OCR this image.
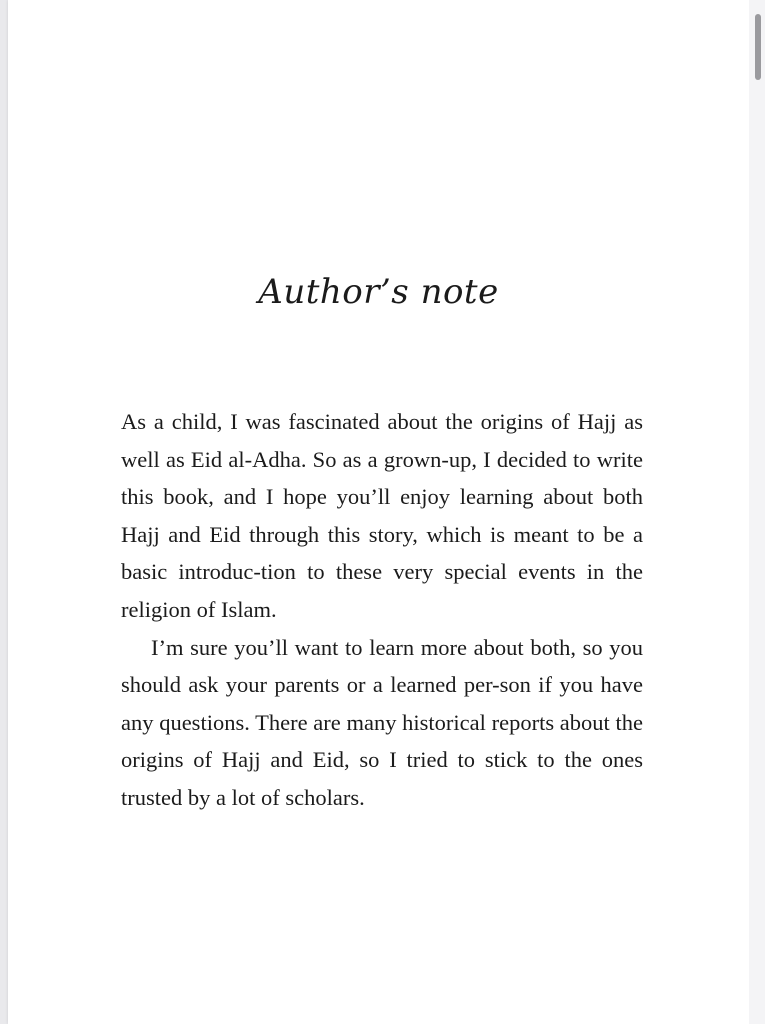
Author’s note

As a child, I was fascinated about the origins of Hajj as well as Eid al-Adha. So as a grown-up, I decided to write this book, and I hope you’ll enjoy learning about both Hajj and Eid through this story, which is meant to be a basic introduc-tion to these very special events in the religion of Islam.

I’m sure you’ll want to learn more about both, so you should ask your parents or a learned per-son if you have any questions. There are many historical reports about the origins of Hajj and Eid, so I tried to stick to the ones trusted by a lot of scholars.
